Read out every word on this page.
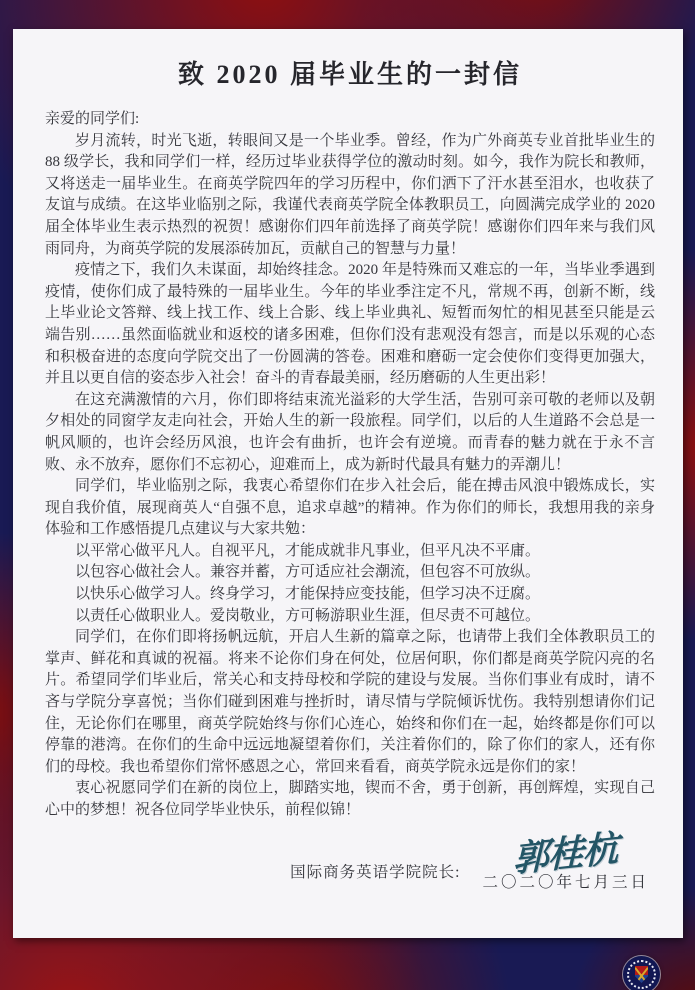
致 2020 届毕业生的一封信

亲爱的同学们:

岁月流转，时光飞逝，转眼间又是一个毕业季。曾经，作为广外商英专业首批毕业生的 88 级学长，我和同学们一样，经历过毕业获得学位的激动时刻。如今，我作为院长和教师，又将送走一届毕业生。在商英学院四年的学习历程中，你们洒下了汗水甚至泪水，也收获了友谊与成绩。在这毕业临别之际，我谨代表商英学院全体教职员工，向圆满完成学业的 2020 届全体毕业生表示热烈的祝贺！感谢你们四年前选择了商英学院！感谢你们四年来与我们风雨同舟，为商英学院的发展添砖加瓦，贡献自己的智慧与力量！

疫情之下，我们久未谋面，却始终挂念。2020 年是特殊而又难忘的一年，当毕业季遇到疫情，使你们成了最特殊的一届毕业生。今年的毕业季注定不凡，常规不再，创新不断，线上毕业论文答辩、线上找工作、线上合影、线上毕业典礼、短暂而匆忙的相见甚至只能是云端告别……虽然面临就业和返校的诸多困难，但你们没有悲观没有怨言，而是以乐观的心态和积极奋进的态度向学院交出了一份圆满的答卷。困难和磨砺一定会使你们变得更加强大，并且以更自信的姿态步入社会！奋斗的青春最美丽，经历磨砺的人生更出彩！

在这充满激情的六月，你们即将结束流光溢彩的大学生活，告别可亲可敬的老师以及朝夕相处的同窗学友走向社会，开始人生的新一段旅程。同学们，以后的人生道路不会总是一帆风顺的，也许会经历风浪，也许会有曲折，也许会有逆境。而青春的魅力就在于永不言败、永不放弃，愿你们不忘初心，迎难而上，成为新时代最具有魅力的弄潮儿！

同学们，毕业临别之际，我衷心希望你们在步入社会后，能在搏击风浪中锻炼成长，实现自我价值，展现商英人“自强不息，追求卓越”的精神。作为你们的师长，我想用我的亲身体验和工作感悟提几点建议与大家共勉：

以平常心做平凡人。自视平凡，才能成就非凡事业，但平凡决不平庸。

以包容心做社会人。兼容并蓄，方可适应社会潮流，但包容不可放纵。

以快乐心做学习人。终身学习，才能保持应变技能，但学习决不迂腐。

以责任心做职业人。爱岗敬业，方可畅游职业生涯，但尽责不可越位。

同学们，在你们即将扬帆远航，开启人生新的篇章之际，也请带上我们全体教职员工的掌声、鲜花和真诚的祝福。将来不论你们身在何处，位居何职，你们都是商英学院闪亮的名片。希望同学们毕业后，常关心和支持母校和学院的建设与发展。当你们事业有成时，请不吝与学院分享喜悦；当你们碰到困难与挫折时，请尽情与学院倾诉忧伤。我特别想请你们记住，无论你们在哪里，商英学院始终与你们心连心，始终和你们在一起，始终都是你们可以停靠的港湾。在你们的生命中远远地凝望着你们，关注着你们的，除了你们的家人，还有你们的母校。我也希望你们常怀感恩之心，常回来看看，商英学院永远是你们的家！

衷心祝愿同学们在新的岗位上，脚踏实地，锲而不舍，勇于创新，再创辉煌，实现自己心中的梦想！祝各位同学毕业快乐，前程似锦！

国际商务英语学院院长:	郭桂杭
二〇二〇年七月三日
